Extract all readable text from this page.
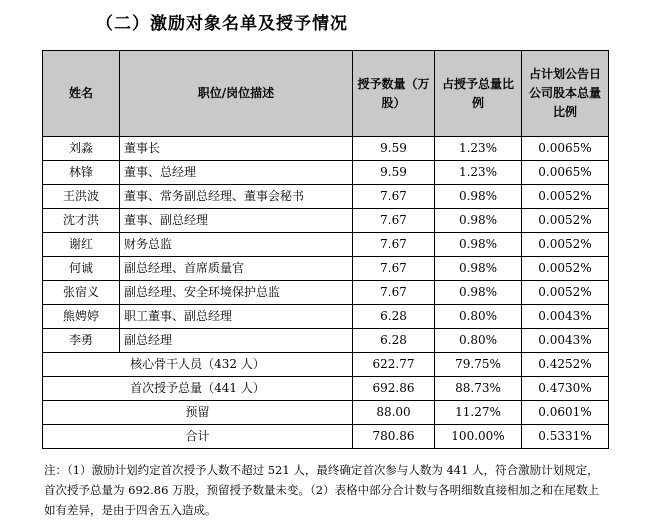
（二）激励对象名单及授予情况
姓名	职位/岗位描述	授予数量（万股）	占授予总量比例	占计划公告日公司股本总量比例
刘淼	董事长	9.59	1.23%	0.0065%
林锋	董事、总经理	9.59	1.23%	0.0065%
王洪波	董事、常务副总经理、董事会秘书	7.67	0.98%	0.0052%
沈才洪	董事、副总经理	7.67	0.98%	0.0052%
谢红	财务总监	7.67	0.98%	0.0052%
何诚	副总经理、首席质量官	7.67	0.98%	0.0052%
张宿义	副总经理、安全环境保护总监	7.67	0.98%	0.0052%
熊娉婷	职工董事、副总经理	6.28	0.80%	0.0043%
李勇	副总经理	6.28	0.80%	0.0043%
核心骨干人员（432 人）		622.77	79.75%	0.4252%
首次授予总量（441 人）		692.86	88.73%	0.4730%
预留		88.00	11.27%	0.0601%
合计		780.86	100.00%	0.5331%
注：（1）激励计划约定首次授予人数不超过 521 人，最终确定首次参与人数为 441 人，符合激励计划规定，首次授予总量为 692.86 万股，预留授予数量未变。（2）表格中部分合计数与各明细数直接相加之和在尾数上如有差异，是由于四舍五入造成。
